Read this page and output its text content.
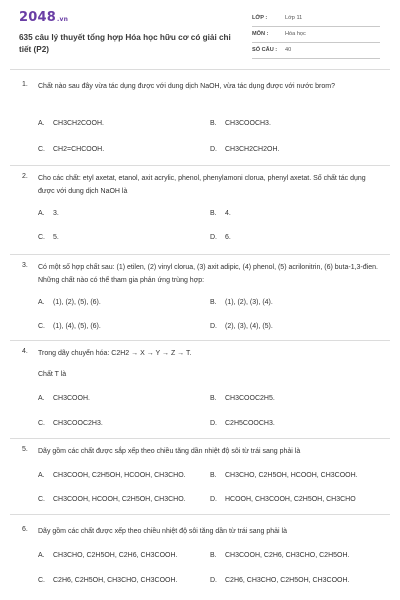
2048.vn
635 câu lý thuyết tổng hợp Hóa học hữu cơ có giải chi tiết (P2)
LỚP :	Lớp 11
MÔN :	Hóa học
SỐ CÂU : 40
1. Chất nào sau đây vừa tác dụng được với dung dịch NaOH, vừa tác dụng được với nước brom?
A. CH3CH2COOH.	B. CH3COOCH3.
C. CH2=CHCOOH.	D. CH3CH2CH2OH.
2. Cho các chất: etyl axetat, etanol, axit acrylic, phenol, phenylamoni clorua, phenyl axetat. Số chất tác dụng được với dung dịch NaOH là
A. 3.	B. 4.
C. 5.	D. 6.
3. Có một số hợp chất sau: (1) etilen, (2) vinyl clorua, (3) axit adipic, (4) phenol, (5) acrilonitrin, (6) buta-1,3-đien. Những chất nào có thể tham gia phản ứng trùng hợp:
A. (1), (2), (5), (6).	B. (1), (2), (3), (4).
C. (1), (4), (5), (6).	D. (2), (3), (4), (5).
4. Trong dãy chuyển hóa: C2H2 → X → Y → Z → T.
Chất T là
A. CH3COOH.	B. CH3COOC2H5.
C. CH3COOC2H3.	D. C2H5COOCH3.
5. Dãy gồm các chất được sắp xếp theo chiều tăng dần nhiệt độ sôi từ trái sang phải là
A. CH3COOH, C2H5OH, HCOOH, CH3CHO.	B. CH3CHO, C2H5OH, HCOOH, CH3COOH.
C. CH3COOH, HCOOH, C2H5OH, CH3CHO.	D. HCOOH, CH3COOH, C2H5OH, CH3CHO
6. Dãy gồm các chất được xếp theo chiều nhiệt độ sôi tăng dần từ trái sang phải là
A. CH3CHO, C2H5OH, C2H6, CH3COOH.	B. CH3COOH, C2H6, CH3CHO, C2H5OH.
C. C2H6, C2H5OH, CH3CHO, CH3COOH.	D. C2H6, CH3CHO, C2H5OH, CH3COOH.
